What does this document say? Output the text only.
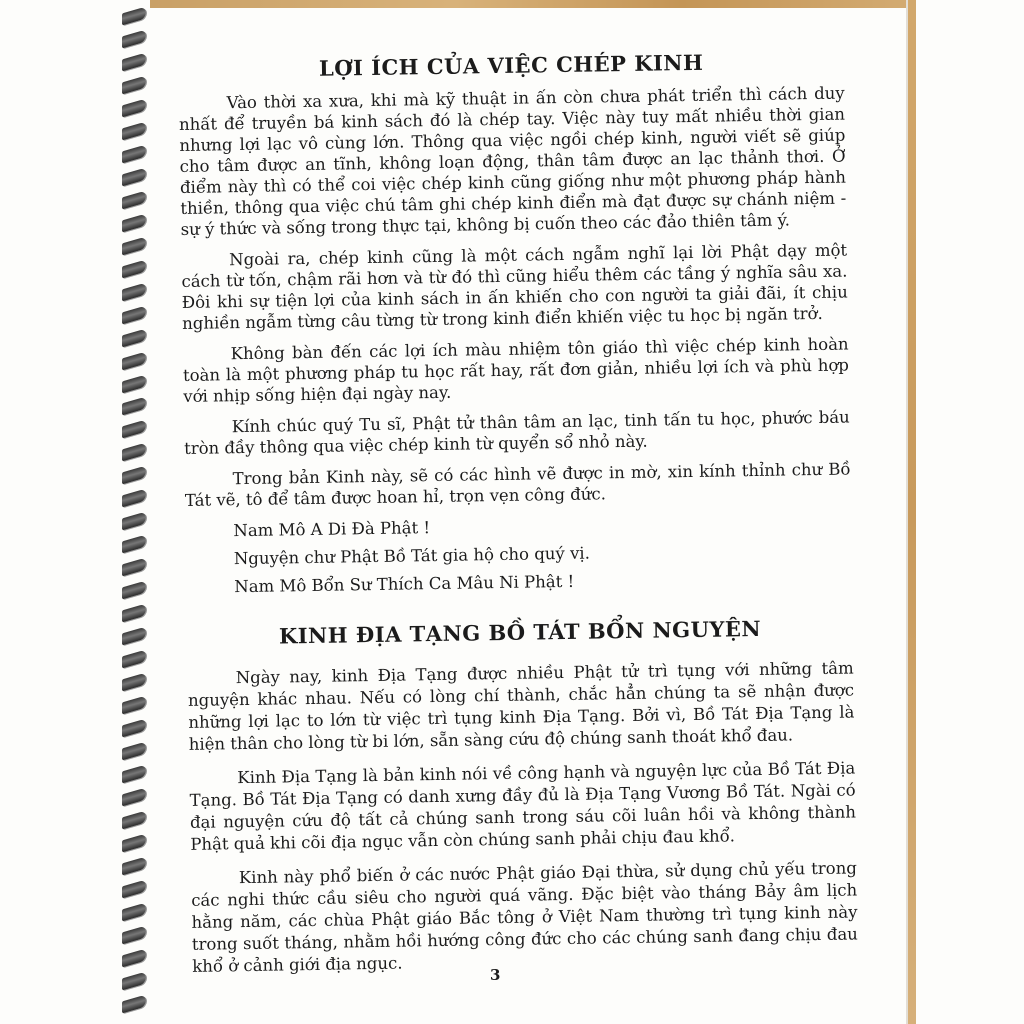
LỢI ÍCH CỦA VIỆC CHÉP KINH

Vào thời xa xưa, khi mà kỹ thuật in ấn còn chưa phát triển thì cách duy nhất để truyền bá kinh sách đó là chép tay. Việc này tuy mất nhiều thời gian nhưng lợi lạc vô cùng lớn. Thông qua việc ngồi chép kinh, người viết sẽ giúp cho tâm được an tĩnh, không loạn động, thân tâm được an lạc thảnh thơi. Ở điểm này thì có thể coi việc chép kinh cũng giống như một phương pháp hành thiền, thông qua việc chú tâm ghi chép kinh điển mà đạt được sự chánh niệm - sự ý thức và sống trong thực tại, không bị cuốn theo các đảo thiên tâm ý.

Ngoài ra, chép kinh cũng là một cách ngẫm nghĩ lại lời Phật dạy một cách từ tốn, chậm rãi hơn và từ đó thì cũng hiểu thêm các tầng ý nghĩa sâu xa. Đôi khi sự tiện lợi của kinh sách in ấn khiến cho con người ta giải đãi, ít chịu nghiền ngẫm từng câu từng từ trong kinh điển khiến việc tu học bị ngăn trở.

Không bàn đến các lợi ích màu nhiệm tôn giáo thì việc chép kinh hoàn toàn là một phương pháp tu học rất hay, rất đơn giản, nhiều lợi ích và phù hợp với nhịp sống hiện đại ngày nay.

Kính chúc quý Tu sĩ, Phật tử thân tâm an lạc, tinh tấn tu học, phước báu tròn đầy thông qua việc chép kinh từ quyển sổ nhỏ này.

Trong bản Kinh này, sẽ có các hình vẽ được in mờ, xin kính thỉnh chư Bồ Tát vẽ, tô để tâm được hoan hỉ, trọn vẹn công đức.

Nam Mô A Di Đà Phật !
Nguyện chư Phật Bồ Tát gia hộ cho quý vị.
Nam Mô Bổn Sư Thích Ca Mâu Ni Phật !
KINH ĐỊA TẠNG BỒ TÁT BỔN NGUYỆN

Ngày nay, kinh Địa Tạng được nhiều Phật tử trì tụng với những tâm nguyện khác nhau. Nếu có lòng chí thành, chắc hẳn chúng ta sẽ nhận được những lợi lạc to lớn từ việc trì tụng kinh Địa Tạng. Bởi vì, Bồ Tát Địa Tạng là hiện thân cho lòng từ bi lớn, sẵn sàng cứu độ chúng sanh thoát khổ đau.

Kinh Địa Tạng là bản kinh nói về công hạnh và nguyện lực của Bồ Tát Địa Tạng. Bồ Tát Địa Tạng có danh xưng đầy đủ là Địa Tạng Vương Bồ Tát. Ngài có đại nguyện cứu độ tất cả chúng sanh trong sáu cõi luân hồi và không thành Phật quả khi cõi địa ngục vẫn còn chúng sanh phải chịu đau khổ.

Kinh này phổ biến ở các nước Phật giáo Đại thừa, sử dụng chủ yếu trong các nghi thức cầu siêu cho người quá vãng. Đặc biệt vào tháng Bảy âm lịch hằng năm, các chùa Phật giáo Bắc tông ở Việt Nam thường trì tụng kinh này trong suốt tháng, nhằm hồi hướng công đức cho các chúng sanh đang chịu đau khổ ở cảnh giới địa ngục.	3
